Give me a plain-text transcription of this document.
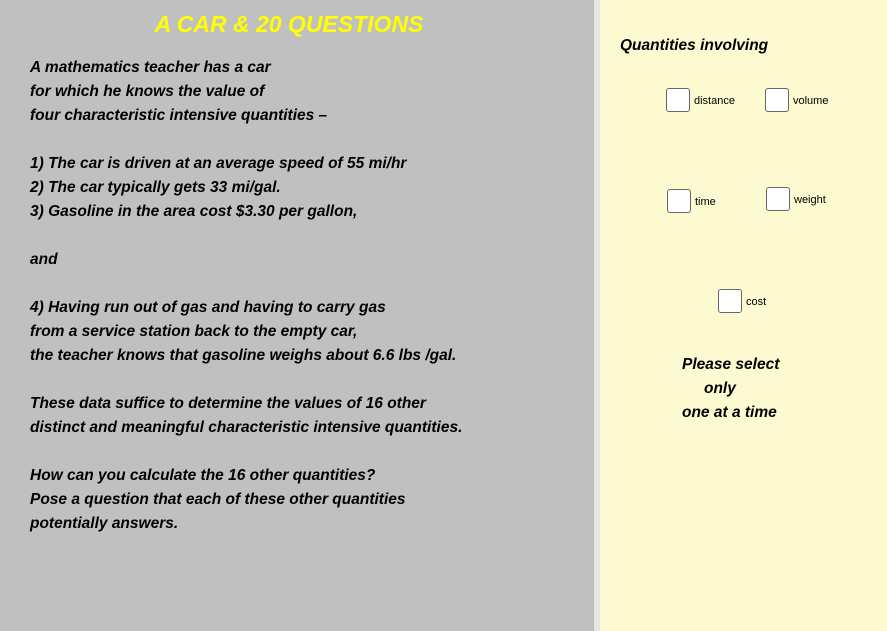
A CAR & 20 QUESTIONS
A mathematics teacher has a car
for which he knows the value of
four characteristic intensive quantities –
1) The car is driven at an average speed of 55 mi/hr
2) The car typically gets 33 mi/gal.
3) Gasoline in the area cost $3.30 per gallon,
and
4) Having run out of gas and having to carry gas
from a service station back to the empty car,
the teacher knows that gasoline weighs about 6.6 lbs /gal.
These data suffice to determine the values of 16 other
distinct and meaningful characteristic intensive quantities.
How can you calculate the 16 other quantities?
Pose a question that each of these other quantities
potentially answers.
Quantities involving
distance	volume
time	weight
cost
Please select
only
one at a time
